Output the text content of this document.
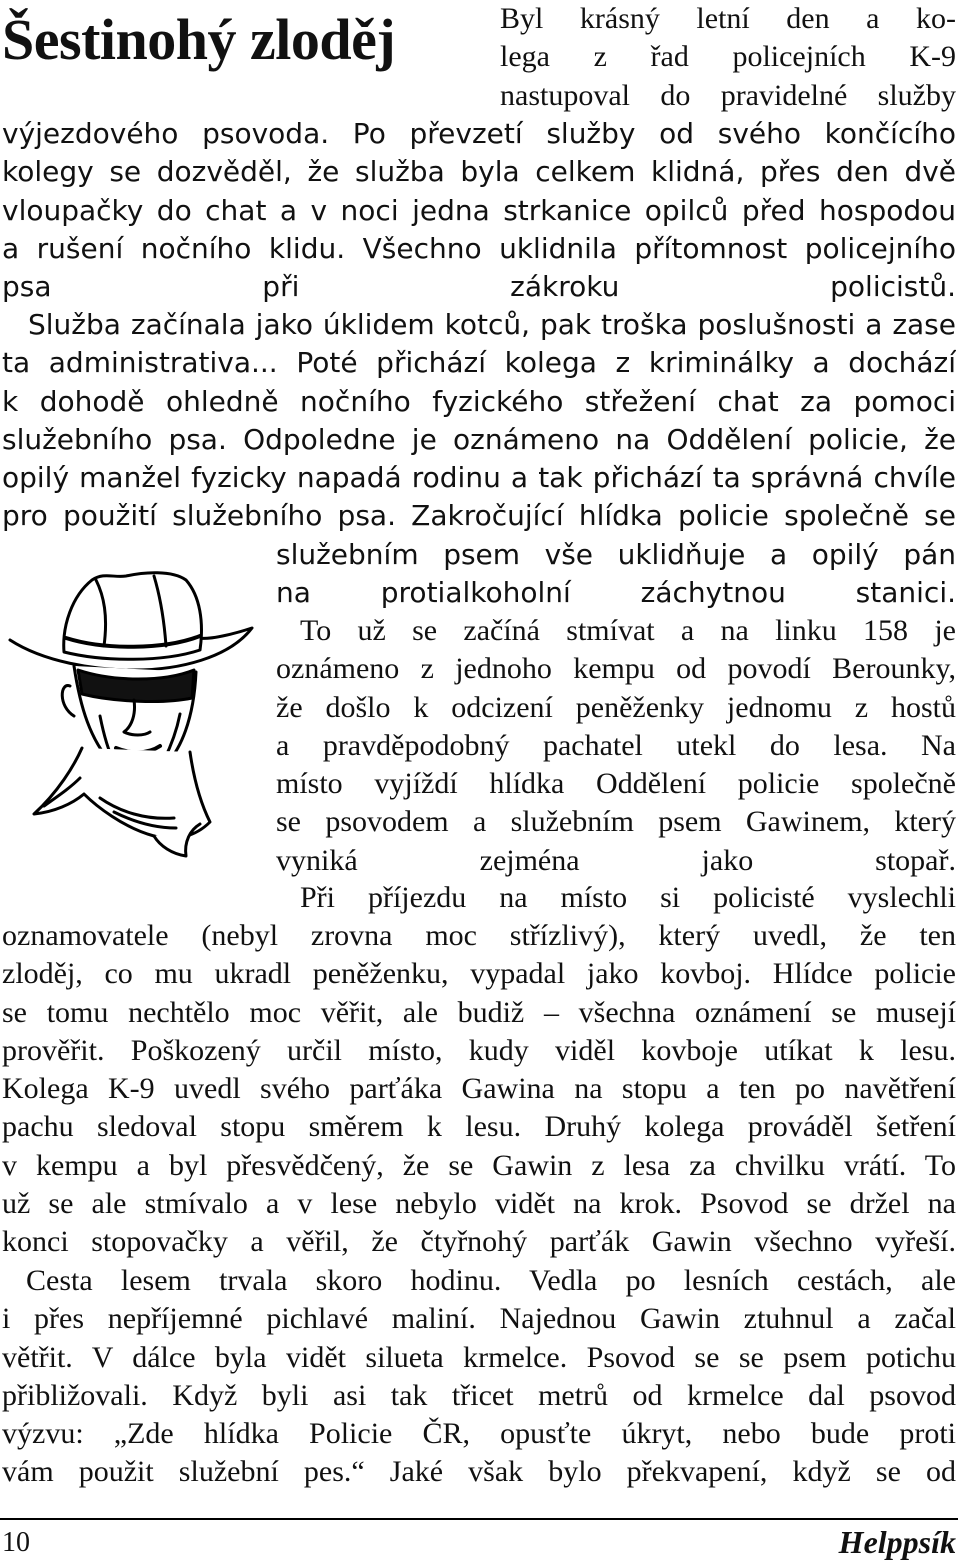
Šestinohý zloděj	Byl krásný letní den a ko-
lega z řad policejních K-9
nastupoval do pravidelné služby
výjezdového psovoda. Po převzetí služby od svého končícího
kolegy se dozvěděl, že služba byla celkem klidná, přes den dvě
vloupačky do chat a v noci jedna strkanice opilců před hospodou
a rušení nočního klidu. Všechno uklidnila přítomnost policejního
psa při zákroku policistů.
Služba začínala jako úklidem kotců, pak troška poslušnosti a zase
ta administrativa... Poté přichází kolega z kriminálky a dochází
k dohodě ohledně nočního fyzického střežení chat za pomoci
služebního psa. Odpoledne je oznámeno na Oddělení policie, že
opilý manžel fyzicky napadá rodinu a tak přichází ta správná chvíle
pro použití služebního psa. Zakročující hlídka policie společně se
služebním psem vše uklidňuje a opilý pán
na protialkoholní záchytnou stanici.
To už se začíná stmívat a na linku 158 je
oznámeno z jednoho kempu od povodí Berounky,
že došlo k odcizení peněženky jednomu z hostů
a pravděpodobný pachatel utekl do lesa. Na
místo vyjíždí hlídka Oddělení policie společně
se psovodem a služebním psem Gawinem, který
vyniká zejména jako stopař.
Při příjezdu na místo si policisté vyslechli
oznamovatele (nebyl zrovna moc střízlivý), který uvedl, že ten
zloděj, co mu ukradl peněženku, vypadal jako kovboj. Hlídce policie
se tomu nechtělo moc věřit, ale budiž – všechna oznámení se musejí
prověřit. Poškozený určil místo, kudy viděl kovboje utíkat k lesu.
Kolega K-9 uvedl svého parťáka Gawina na stopu a ten po navětření
pachu sledoval stopu směrem k lesu. Druhý kolega prováděl šetření
v kempu a byl přesvědčený, že se Gawin z lesa za chvilku vrátí. To
už se ale stmívalo a v lese nebylo vidět na krok. Psovod se držel na
konci stopovačky a věřil, že čtyřnohý parťák Gawin všechno vyřeší.
Cesta lesem trvala skoro hodinu. Vedla po lesních cestách, ale
i přes nepříjemné pichlavé maliní. Najednou Gawin ztuhnul a začal
větřit. V dálce byla vidět silueta krmelce. Psovod se se psem potichu
přibližovali. Když byli asi tak třicet metrů od krmelce dal psovod
výzvu: „Zde hlídka Policie ČR, opusťte úkryt, nebo bude proti
vám použit služební pes.“ Jaké však bylo překvapení, když se od
10	Helppsík
